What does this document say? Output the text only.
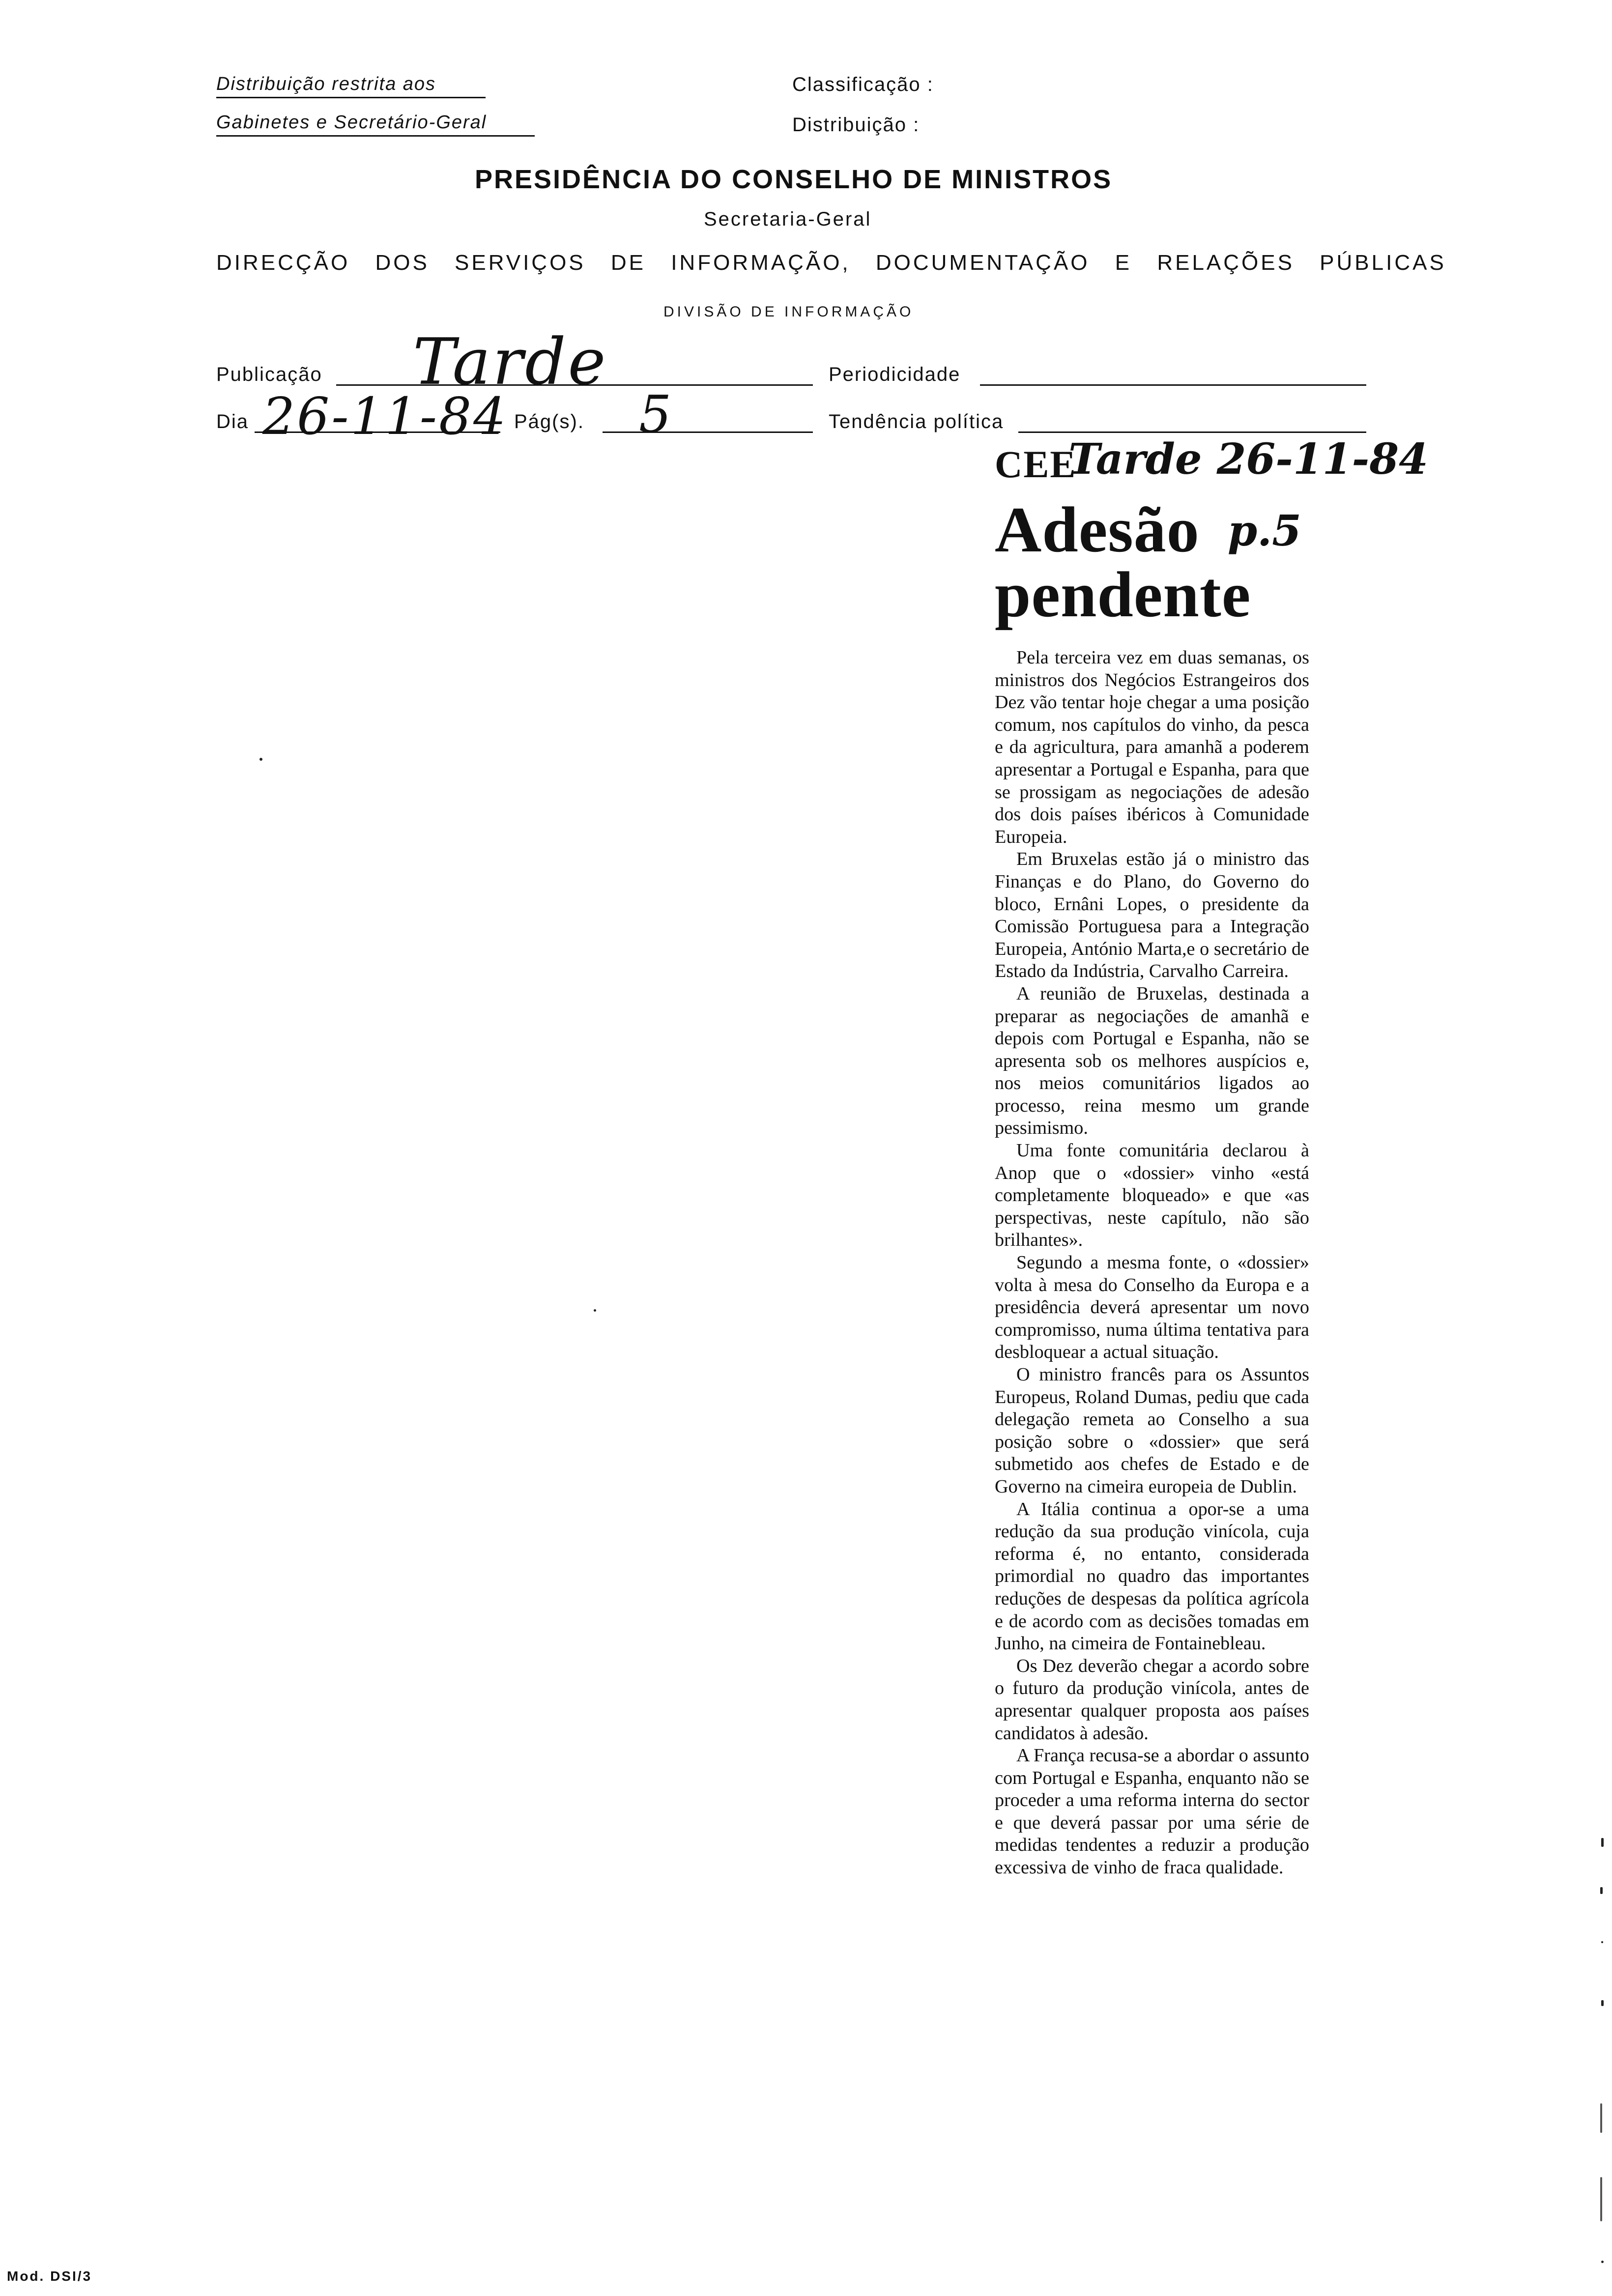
Distribuição restrita aos
Gabinetes e Secretário-Geral
Classificação :
Distribuição :
PRESIDÊNCIA DO CONSELHO DE MINISTROS
Secretaria-Geral
DIRECÇÃO DOS SERVIÇOS DE INFORMAÇÃO, DOCUMENTAÇÃO E RELAÇÕES PÚBLICAS
DIVISÃO DE INFORMAÇÃO
Publicação Tarde	Periodicidade
Dia 26-11-84 Pág(s). 5	Tendência política
CEE
Tarde 26-11-84
Adesão p.5
pendente

Pela terceira vez em duas semanas, os ministros dos Negócios Estrangeiros dos Dez vão tentar hoje chegar a uma posição comum, nos capítulos do vinho, da pesca e da agricultura, para amanhã a poderem apresentar a Portugal e Espanha, para que se prossigam as negociações de adesão dos dois países ibéricos à Comunidade Europeia.

Em Bruxelas estão já o ministro das Finanças e do Plano, do Governo do bloco, Ernâni Lopes, o presidente da Comissão Portuguesa para a Integração Europeia, António Marta,e o secretário de Estado da Indústria, Carvalho Carreira.

A reunião de Bruxelas, destinada a preparar as negociações de amanhã e depois com Portugal e Espanha, não se apresenta sob os melhores auspícios e, nos meios comunitários ligados ao processo, reina mesmo um grande pessimismo.

Uma fonte comunitária declarou à Anop que o «dossier» vinho «está completamente bloqueado» e que «as perspectivas, neste capítulo, não são brilhantes».

Segundo a mesma fonte, o «dossier» volta à mesa do Conselho da Europa e a presidência deverá apresentar um novo compromisso, numa última tentativa para desbloquear a actual situação.

O ministro francês para os Assuntos Europeus, Roland Dumas, pediu que cada delegação remeta ao Conselho a sua posição sobre o «dossier» que será submetido aos chefes de Estado e de Governo na cimeira europeia de Dublin.

A Itália continua a opor-se a uma redução da sua produção vinícola, cuja reforma é, no entanto, considerada primordial no quadro das importantes reduções de despesas da política agrícola e de acordo com as decisões tomadas em Junho, na cimeira de Fontainebleau.

Os Dez deverão chegar a acordo sobre o futuro da produção vinícola, antes de apresentar qualquer proposta aos países candidatos à adesão.

A França recusa-se a abordar o assunto com Portugal e Espanha, enquanto não se proceder a uma reforma interna do sector e que deverá passar por uma série de medidas tendentes a reduzir a produção excessiva de vinho de fraca qualidade.

Mod. DSI/3
